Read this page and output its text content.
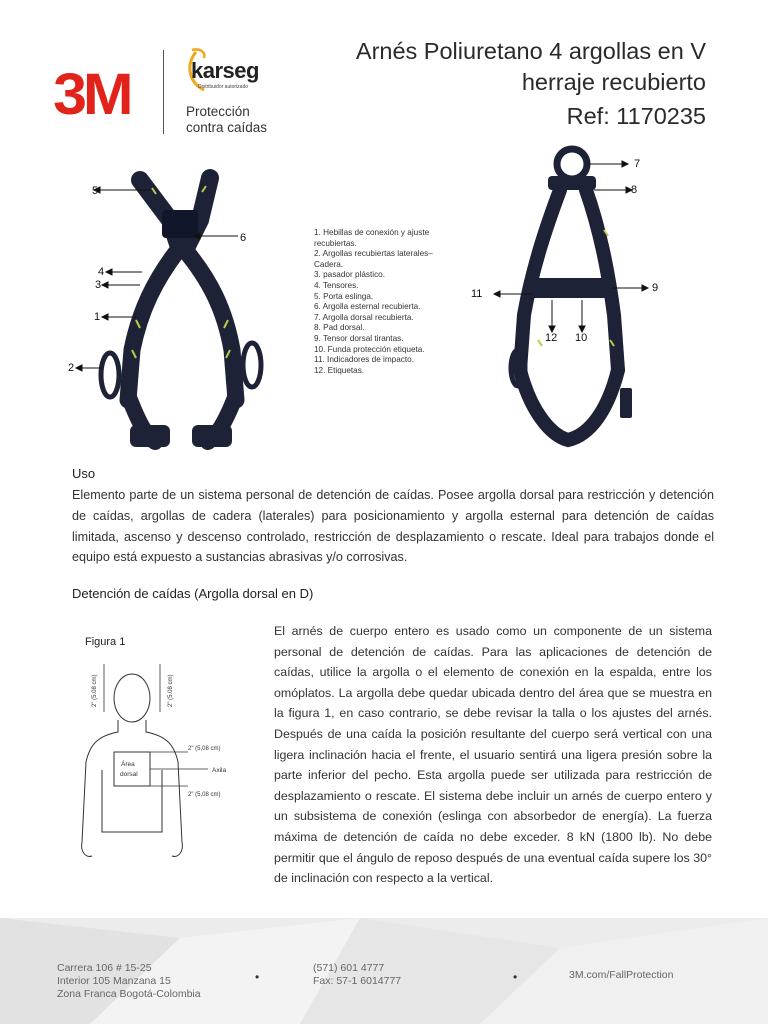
3M	karseg
Distribuidor autorizado
Protección
contra caídas
Arnés Poliuretano 4 argollas en V
herraje recubierto
Ref: 1170235
5
6
4
3
1
2
1. Hebillas de conexión y ajuste
recubiertas.
2. Argollas recubiertas laterales–
Cadera.
3. pasador plástico.
4. Tensores.
5. Porta eslinga.
6. Argolla esternal recubierta.
7. Argolla dorsal recubierta.
8. Pad dorsal.
9. Tensor dorsal tirantas.
10. Funda protección etiqueta.
11. Indicadores de impacto.
12. Etiquetas.
7
8
11	9
12 10
Uso
Elemento parte de un sistema personal de detención de caídas. Posee argolla dorsal para restricción y detención de caídas, argollas de cadera (laterales) para posicionamiento y argolla esternal para detención de caídas limitada, ascenso y descenso controlado, restricción de desplazamiento o rescate. Ideal para trabajos donde el equipo está expuesto a sustancias abrasivas y/o corrosivas.
Detención de caídas (Argolla dorsal en D)
Figura 1
2" (5.08 cm)	2" (5.08 cm)
2" (5,08 cm)
2" (5,08 cm)
Área
dorsal
Axila
El arnés de cuerpo entero es usado como un componente de un sistema personal de detención de caídas. Para las aplicaciones de detención de caídas, utilice la argolla o el elemento de conexión en la espalda, entre los omóplatos. La argolla debe quedar ubicada dentro del área que se muestra en la figura 1, en caso contrario, se debe revisar la talla o los ajustes del arnés. Después de una caída la posición resultante del cuerpo será vertical con una ligera inclinación hacia el frente, el usuario sentirá una ligera presión sobre la parte inferior del pecho. Esta argolla puede ser utilizada para restricción de desplazamiento o rescate. El sistema debe incluir un arnés de cuerpo entero y un subsistema de conexión (eslinga con absorbedor de energía). La fuerza máxima de detención de caída no debe exceder. 8 kN (1800 lb). No debe permitir que el ángulo de reposo después de una eventual caída supere los 30° de inclinación con respecto a la vertical.
Carrera 106 # 15-25
Interior 105 Manzana 15
Zona Franca Bogotá-Colombia
•
(571) 601 4777
Fax: 57-1 6014777	•	3M.com/FallProtection
